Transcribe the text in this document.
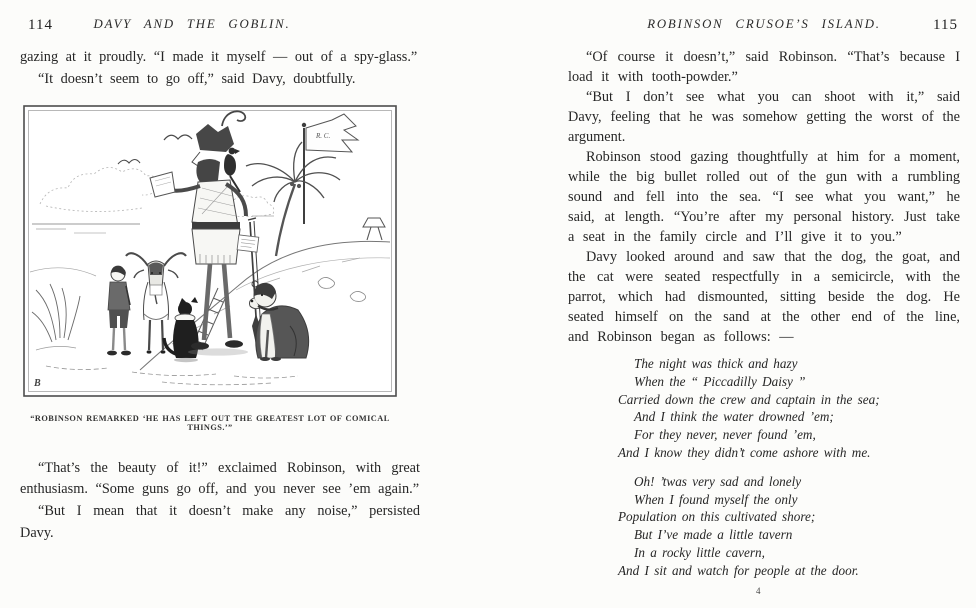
114	DAVY AND THE GOBLIN.

gazing at it proudly. “I made it myself — out of a spy-glass.”

“It doesn’t seem to go off,” said Davy, doubtfully.

R. C.
B
“ROBINSON REMARKED ‘HE HAS LEFT OUT THE GREATEST LOT OF COMICAL THINGS.’”

“That’s the beauty of it!” exclaimed Robinson, with great enthusiasm. “Some guns go off, and you never see ’em again.”

“But I mean that it doesn’t make any noise,” persisted Davy.

115
ROBINSON CRUSOE’S ISLAND.

“Of course it doesn’t,” said Robinson. “That’s because I load it with tooth-powder.”

“But I don’t see what you can shoot with it,” said Davy, feeling that he was somehow getting the worst of the argument.

Robinson stood gazing thoughtfully at him for a moment, while the big bullet rolled out of the gun with a rumbling sound and fell into the sea. “I see what you want,” he said, at length. “You’re after my personal history. Just take a seat in the family circle and I’ll give it to you.”

Davy looked around and saw that the dog, the goat, and the cat were seated respectfully in a semicircle, with the parrot, which had dismounted, sitting beside the dog. He seated himself on the sand at the other end of the line, and Robinson began as follows: —

The night was thick and hazy
When the “ Piccadilly Daisy ”
Carried down the crew and captain in the sea;
And I think the water drowned ’em;
For they never, never found ’em,
And I know they didn’t come ashore with me.
Oh! ’twas very sad and lonely
When I found myself the only
Population on this cultivated shore;
But I’ve made a little tavern
In a rocky little cavern,
And I sit and watch for people at the door.
4
